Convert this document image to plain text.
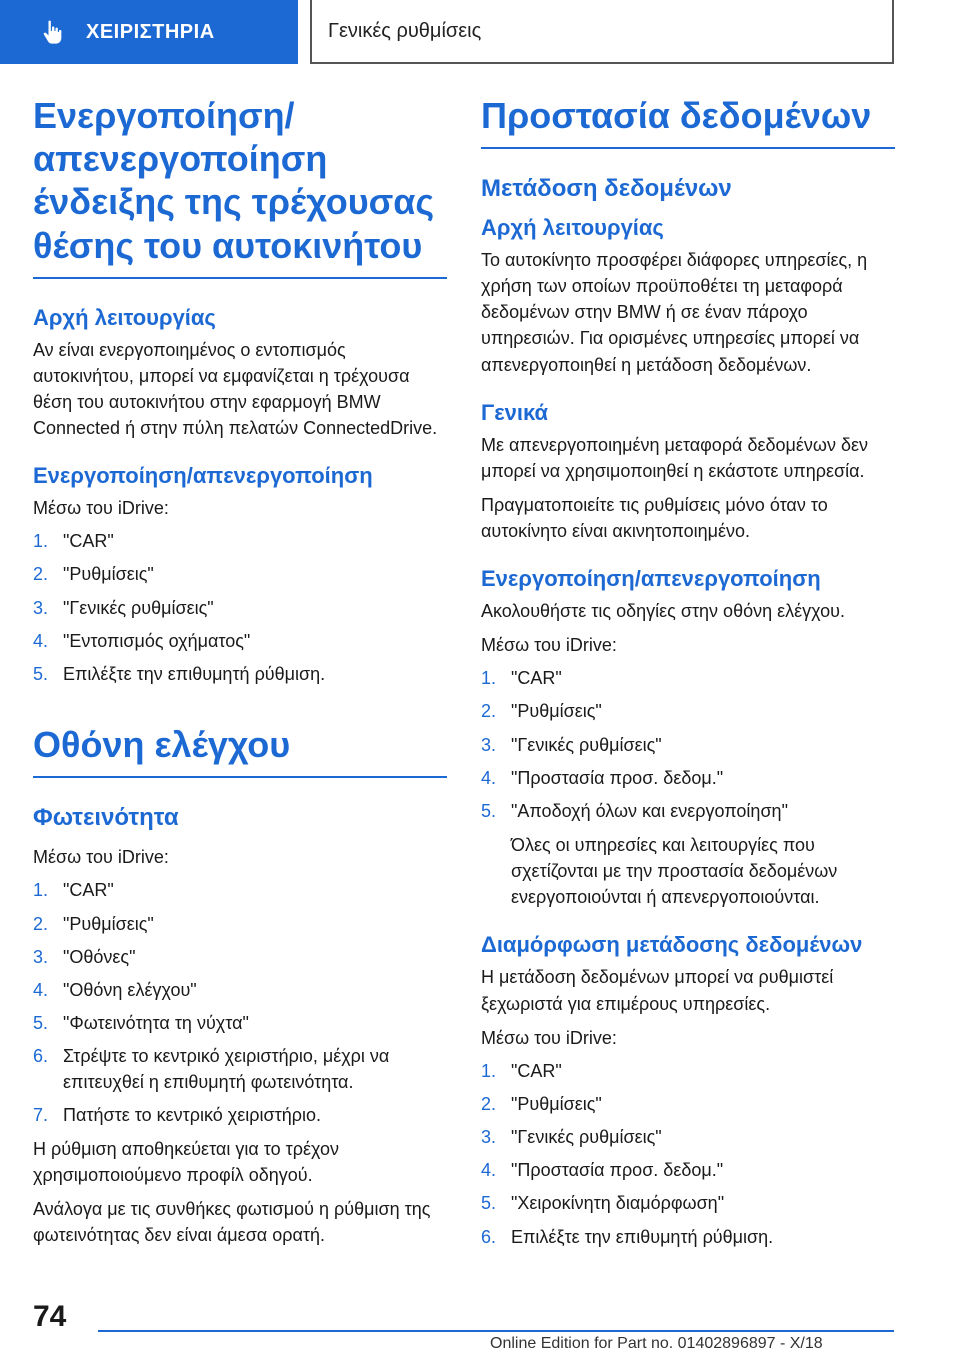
ΧΕΙΡΙΣΤΗΡΙΑ	Γενικές ρυθμίσεις
Ενεργοποίηση/απενεργοποίηση ένδειξης της τρέχουσας θέσης του αυτοκινήτου
Αρχή λειτουργίας

Αν είναι ενεργοποιημένος ο εντοπισμός αυτοκινήτου, μπορεί να εμφανίζεται η τρέχουσα θέση του αυτοκινήτου στην εφαρμογή BMW Connected ή στην πύλη πελατών ConnectedDrive.

Ενεργοποίηση/απενεργοποίηση

Μέσω του iDrive:

1. "CAR"
2. "Ρυθμίσεις"
3. "Γενικές ρυθμίσεις"
4. "Εντοπισμός οχήματος"
5. Επιλέξτε την επιθυμητή ρύθμιση.
Οθόνη ελέγχου
Φωτεινότητα

Μέσω του iDrive:

1. "CAR"
2. "Ρυθμίσεις"
3. "Οθόνες"
4. "Οθόνη ελέγχου"
5. "Φωτεινότητα τη νύχτα"
6. Στρέψτε το κεντρικό χειριστήριο, μέχρι να επιτευχθεί η επιθυμητή φωτεινότητα.
7. Πατήστε το κεντρικό χειριστήριο.

Η ρύθμιση αποθηκεύεται για το τρέχον χρησιμοποιούμενο προφίλ οδηγού.

Ανάλογα με τις συνθήκες φωτισμού η ρύθμιση της φωτεινότητας δεν είναι άμεσα ορατή.

Προστασία δεδομένων
Μετάδοση δεδομένων
Αρχή λειτουργίας

Το αυτοκίνητο προσφέρει διάφορες υπηρεσίες, η χρήση των οποίων προϋποθέτει τη μεταφορά δεδομένων στην BMW ή σε έναν πάροχο υπηρεσιών. Για ορισμένες υπηρεσίες μπορεί να απενεργοποιηθεί η μετάδοση δεδομένων.

Γενικά

Με απενεργοποιημένη μεταφορά δεδομένων δεν μπορεί να χρησιμοποιηθεί η εκάστοτε υπηρεσία.

Πραγματοποιείτε τις ρυθμίσεις μόνο όταν το αυτοκίνητο είναι ακινητοποιημένο.

Ενεργοποίηση/απενεργοποίηση

Ακολουθήστε τις οδηγίες στην οθόνη ελέγχου.

Μέσω του iDrive:

1. "CAR"
2. "Ρυθμίσεις"
3. "Γενικές ρυθμίσεις"
4. "Προστασία προσ. δεδομ."
5. "Αποδοχή όλων και ενεργοποίηση"

Όλες οι υπηρεσίες και λειτουργίες που σχετίζονται με την προστασία δεδομένων ενεργοποιούνται ή απενεργοποιούνται.

Διαμόρφωση μετάδοσης δεδομένων

Η μετάδοση δεδομένων μπορεί να ρυθμιστεί ξεχωριστά για επιμέρους υπηρεσίες.

Μέσω του iDrive:

1. "CAR"
2. "Ρυθμίσεις"
3. "Γενικές ρυθμίσεις"
4. "Προστασία προσ. δεδομ."
5. "Χειροκίνητη διαμόρφωση"
6. Επιλέξτε την επιθυμητή ρύθμιση.
74
Online Edition for Part no. 01402896897 - X/18
